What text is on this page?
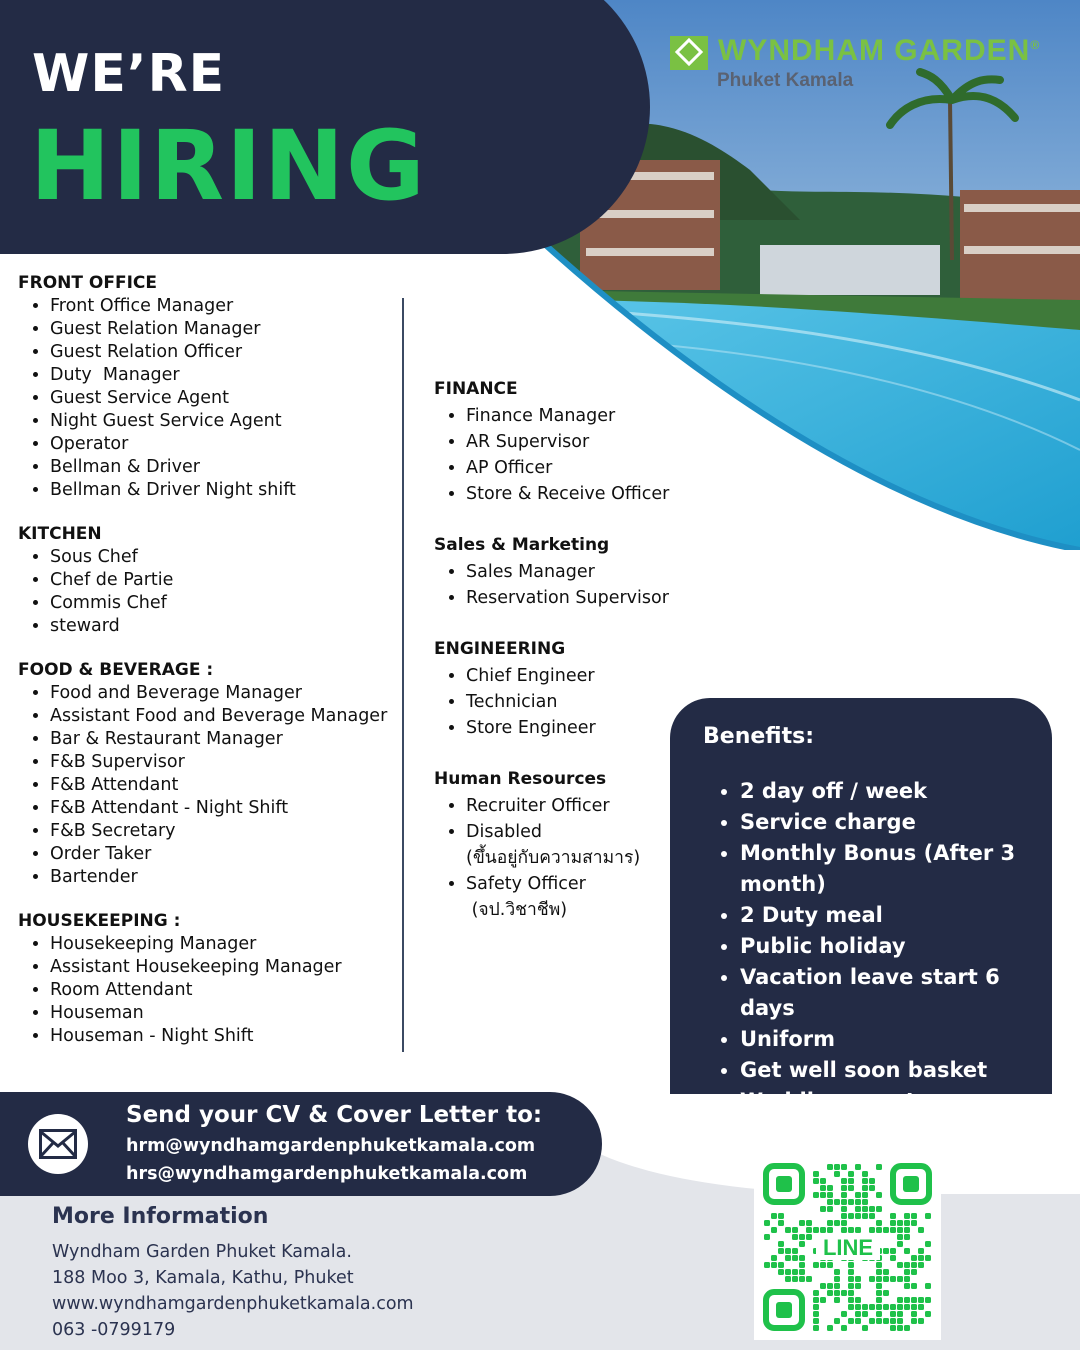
WE’RE
HIRING
WYNDHAM GARDEN®
Phuket Kamala
FRONT OFFICE
• Front Office Manager
• Guest Relation Manager
• Guest Relation Officer
• Duty  Manager
• Guest Service Agent
• Night Guest Service Agent
• Operator
• Bellman & Driver
• Bellman & Driver Night shift
KITCHEN
• Sous Chef
• Chef de Partie
• Commis Chef
• steward
FOOD & BEVERAGE :
• Food and Beverage Manager
• Assistant Food and Beverage Manager
• Bar & Restaurant Manager
• F&B Supervisor
• F&B Attendant
• F&B Attendant - Night Shift
• F&B Secretary
• Order Taker
• Bartender
HOUSEKEEPING :
• Housekeeping Manager
• Assistant Housekeeping Manager
• Room Attendant
• Houseman
• Houseman - Night Shift
FINANCE
• Finance Manager
• AR Supervisor
• AP Officer
• Store & Receive Officer
Sales & Marketing
• Sales Manager
• Reservation Supervisor
ENGINEERING
• Chief Engineer
• Technician
• Store Engineer
Human Resources
• Recruiter Officer
• Disabled
(ขึ้นอยู่กับความสามาร)
• Safety Officer
(จป.วิชาชีพ)
Benefits:
• 2 day off / week
• Service charge
• Monthly Bonus (After 3 month)
• 2 Duty meal
• Public holiday
• Vacation leave start 6 days
• Uniform
• Get well soon basket
•
•
Send your CV & Cover Letter to:
hrm@wyndhamgardenphuketkamala.com
hrs@wyndhamgardenphuketkamala.com
More Information
Wyndham Garden Phuket Kamala.
188 Moo 3, Kamala, Kathu, Phuket
www.wyndhamgardenphuketkamala.com
063 -0799179
LINE
